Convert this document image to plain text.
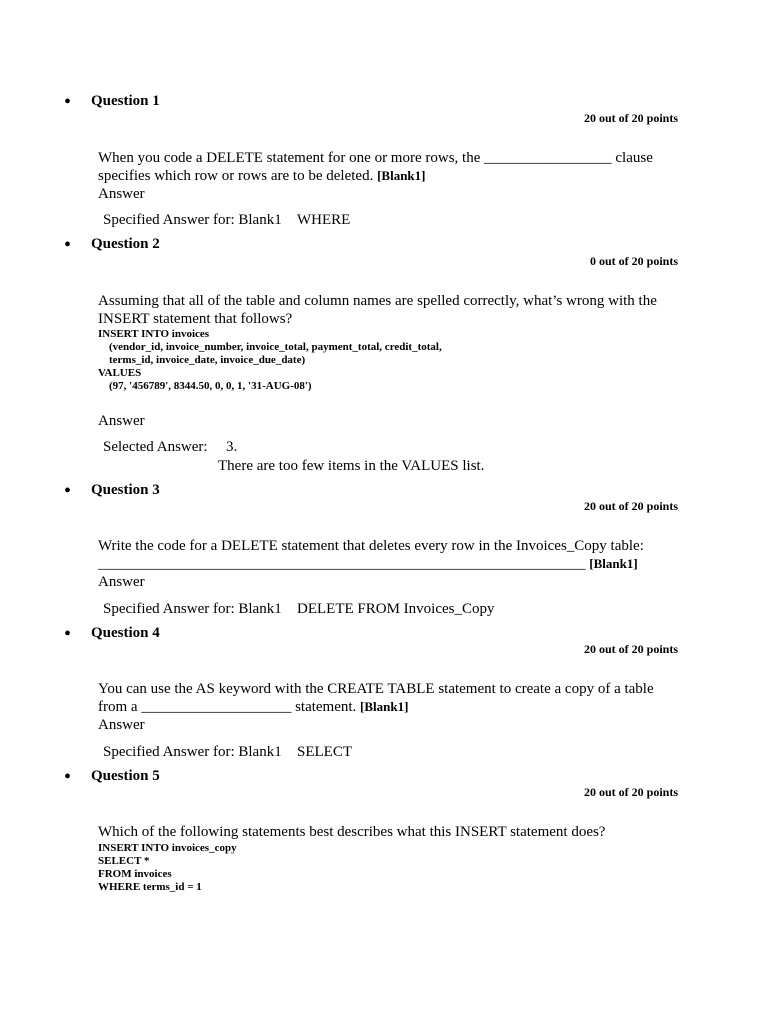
• Question 1
20 out of 20 points
When you code a DELETE statement for one or more rows, the _________________ clause
specifies which row or rows are to be deleted. [Blank1]
Answer
Specified Answer for: Blank1 WHERE
• Question 2
0 out of 20 points
Assuming that all of the table and column names are spelled correctly, what’s wrong with the
INSERT statement that follows?
INSERT INTO invoices
(vendor_id, invoice_number, invoice_total, payment_total, credit_total,
terms_id, invoice_date, invoice_due_date)
VALUES
(97, '456789', 8344.50, 0, 0, 1, '31-AUG-08')
Answer
Selected Answer: 3.
There are too few items in the VALUES list.
• Question 3
20 out of 20 points
Write the code for a DELETE statement that deletes every row in the Invoices_Copy table:
_________________________________________________________________ [Blank1]
Answer
Specified Answer for: Blank1 DELETE FROM Invoices_Copy
• Question 4
20 out of 20 points
You can use the AS keyword with the CREATE TABLE statement to create a copy of a table
from a ____________________ statement. [Blank1]
Answer
Specified Answer for: Blank1 SELECT
• Question 5
20 out of 20 points
Which of the following statements best describes what this INSERT statement does?
INSERT INTO invoices_copy
SELECT *
FROM invoices
WHERE terms_id = 1
